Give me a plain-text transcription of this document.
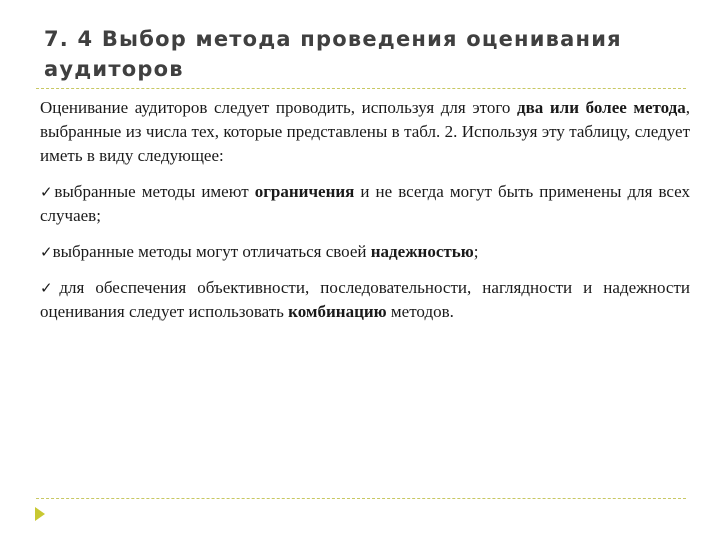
7. 4 Выбор метода проведения оценивания аудиторов

Оценивание аудиторов следует проводить, используя для этого два или более метода, выбранные из числа тех, которые представлены в табл. 2. Используя эту таблицу, следует иметь в виду следующее:

✓выбранные методы имеют ограничения и не всегда могут быть применены для всех случаев;

✓выбранные методы могут отличаться своей надежностью;

✓для обеспечения объективности, последовательности, наглядности и надежности оценивания следует использовать комбинацию методов.
